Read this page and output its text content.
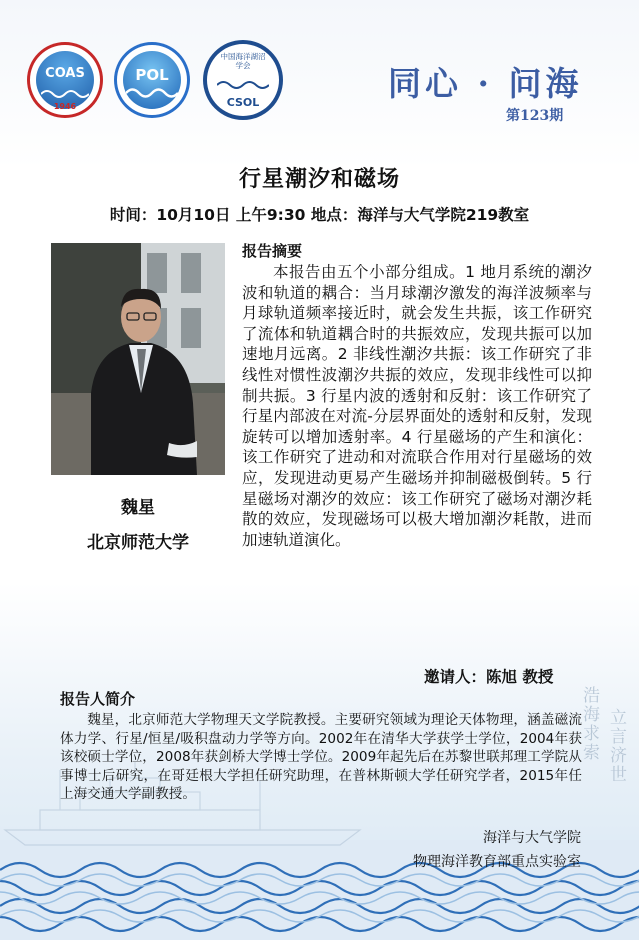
COAS
1946
POL
中国海洋湖沼学会
CSOL	同心 · 问海
第123期
行星潮汐和磁场
时间：10月10日 上午9:30 地点：海洋与大气学院219教室
魏星
北京师范大学
报告摘要
本报告由五个小部分组成。1 地月系统的潮汐波和轨道的耦合：当月球潮汐激发的海洋波频率与月球轨道频率接近时，就会发生共振，该工作研究了流体和轨道耦合时的共振效应，发现共振可以加速地月远离。2 非线性潮汐共振：该工作研究了非线性对惯性波潮汐共振的效应，发现非线性可以抑制共振。3 行星内波的透射和反射：该工作研究了行星内部波在对流-分层界面处的透射和反射，发现旋转可以增加透射率。4 行星磁场的产生和演化：该工作研究了进动和对流联合作用对行星磁场的效应，发现进动更易产生磁场并抑制磁极倒转。5 行星磁场对潮汐的效应：该工作研究了磁场对潮汐耗散的效应，发现磁场可以极大增加潮汐耗散，进而加速轨道演化。
邀请人：陈旭 教授
浩海求索 立言济世
报告人简介
魏星，北京师范大学物理天文学院教授。主要研究领域为理论天体物理，涵盖磁流体力学、行星/恒星/吸积盘动力学等方向。2002年在清华大学获学士学位，2004年获该校硕士学位，2008年获剑桥大学博士学位。2009年起先后在苏黎世联邦理工学院从事博士后研究，在哥廷根大学担任研究助理，在普林斯顿大学任研究学者，2015年任上海交通大学副教授。
海洋与大气学院
物理海洋教育部重点实验室
